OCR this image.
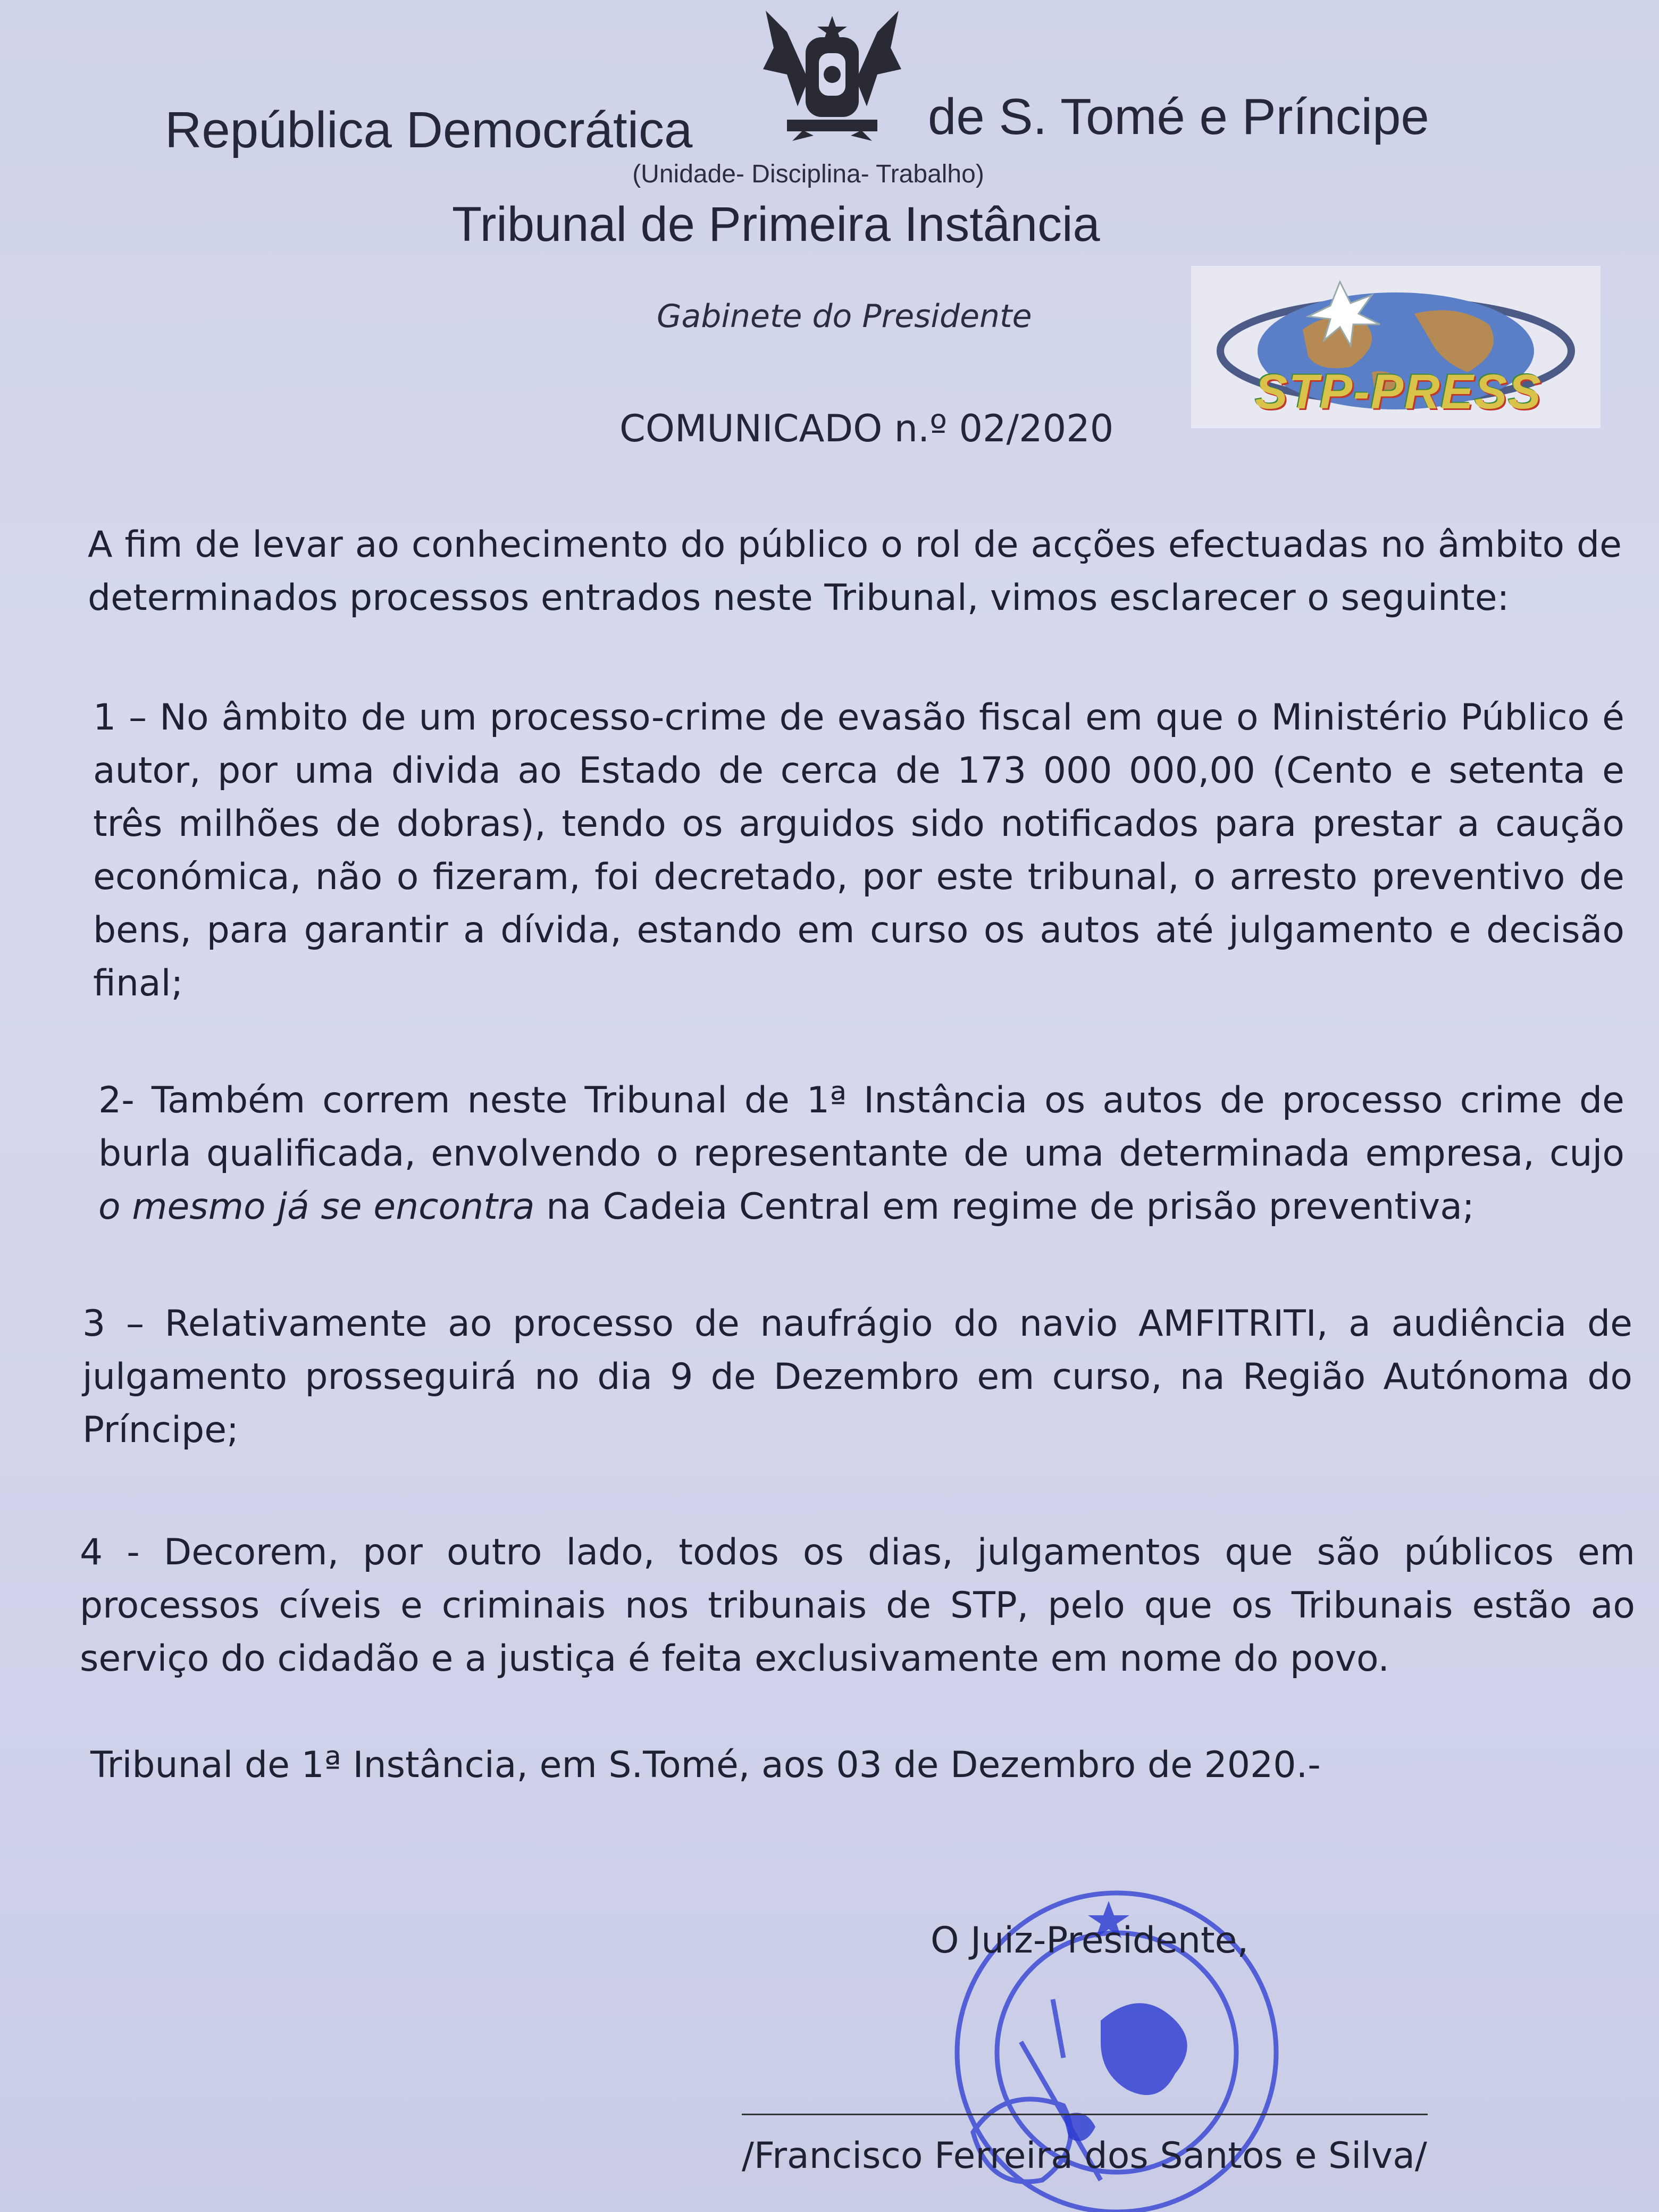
República Democrática	de S. Tomé e Príncipe
(Unidade- Disciplina- Trabalho)
Tribunal de Primeira Instância
Gabinete do Presidente
STP-PRESS
COMUNICADO n.º 02/2020
A fim de levar ao conhecimento do público o rol de acções efectuadas no âmbito de determinados processos entrados neste Tribunal, vimos esclarecer o seguinte:
1 – No âmbito de um processo-crime de evasão fiscal em que o Ministério Público é autor, por uma divida ao Estado de cerca de 173 000 000,00 (Cento e setenta e três milhões de dobras), tendo os arguidos sido notificados para prestar a caução económica, não o fizeram, foi decretado, por este tribunal, o arresto preventivo de bens, para garantir a dívida, estando em curso os autos até julgamento e decisão final;
2- Também correm neste Tribunal de 1ª Instância os autos de processo crime de burla qualificada, envolvendo o representante de uma determinada empresa, cujo o mesmo já se encontra na Cadeia Central em regime de prisão preventiva;
3 – Relativamente ao processo de naufrágio do navio AMFITRITI, a audiência de julgamento prosseguirá no dia 9 de Dezembro em curso, na Região Autónoma do Príncipe;
4 - Decorem, por outro lado, todos os dias, julgamentos que são públicos em processos cíveis e criminais nos tribunais de STP, pelo que os Tribunais estão ao serviço do cidadão e a justiça é feita exclusivamente em nome do povo.
Tribunal de 1ª Instância, em S.Tomé, aos 03 de Dezembro de 2020.-
O Juiz-Presidente,
/Francisco Ferreira dos Santos e Silva/
